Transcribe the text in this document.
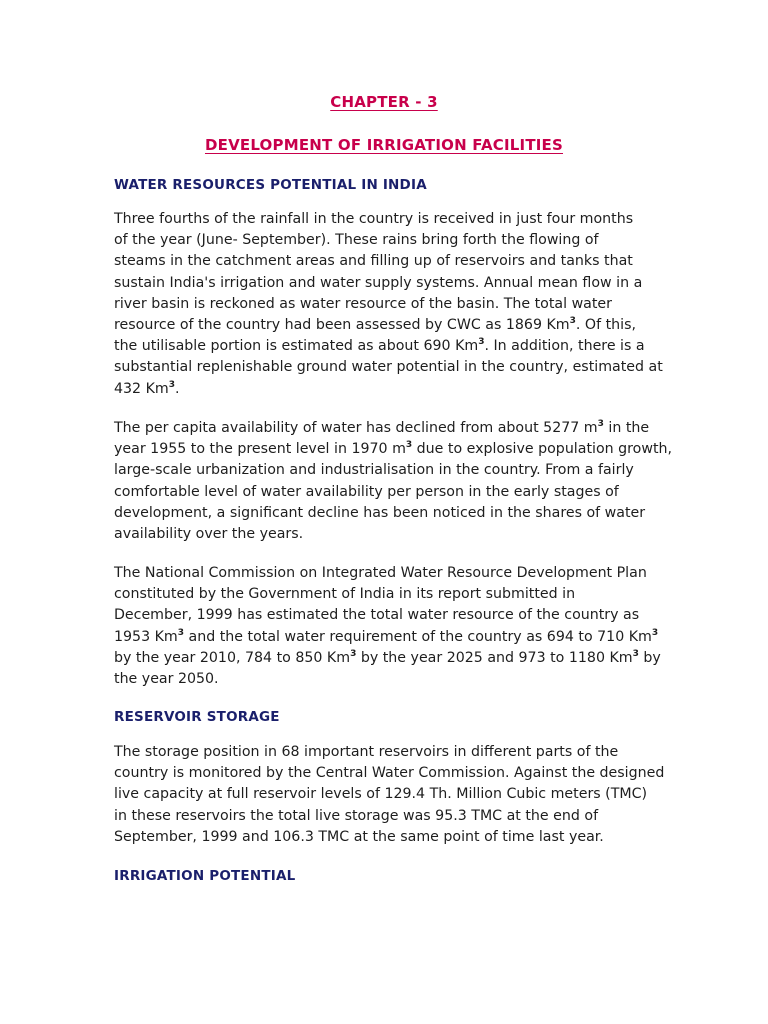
CHAPTER - 3
DEVELOPMENT OF IRRIGATION FACILITIES
WATER RESOURCES POTENTIAL IN INDIA

Three fourths of the rainfall in the country is received in just four months
of the year (June- September). These rains bring forth the flowing of
steams in the catchment areas and filling up of reservoirs and tanks that
sustain India's irrigation and water supply systems. Annual mean flow in a
river basin is reckoned as water resource of the basin. The total water
resource of the country had been assessed by CWC as 1869 Km$^3$. Of this,
the utilisable portion is estimated as about 690 Km$^3$. In addition, there is a
substantial replenishable ground water potential in the country, estimated at
432 Km$^3$.

The per capita availability of water has declined from about 5277 $m^3$ in the
year 1955 to the present level in 1970 $m^3$ due to explosive population growth,
large-scale urbanization and industrialisation in the country. From a fairly
comfortable level of water availability per person in the early stages of
development, a significant decline has been noticed in the shares of water
availability over the years.

The National Commission on Integrated Water Resource Development Plan
constituted by the Government of India in its report submitted in
December, 1999 has estimated the total water resource of the country as
1953 Km$^3$ and the total water requirement of the country as 694 to 710 Km$^3$
by the year 2010, 784 to 850 Km$^3$ by the year 2025 and 973 to 1180 Km$^3$ by
the year 2050.

RESERVOIR STORAGE

The storage position in 68 important reservoirs in different parts of the
country is monitored by the Central Water Commission. Against the designed
live capacity at full reservoir levels of 129.4 Th. Million Cubic meters (TMC)
in these reservoirs the total live storage was 95.3 TMC at the end of
September, 1999 and 106.3 TMC at the same point of time last year.

IRRIGATION POTENTIAL
